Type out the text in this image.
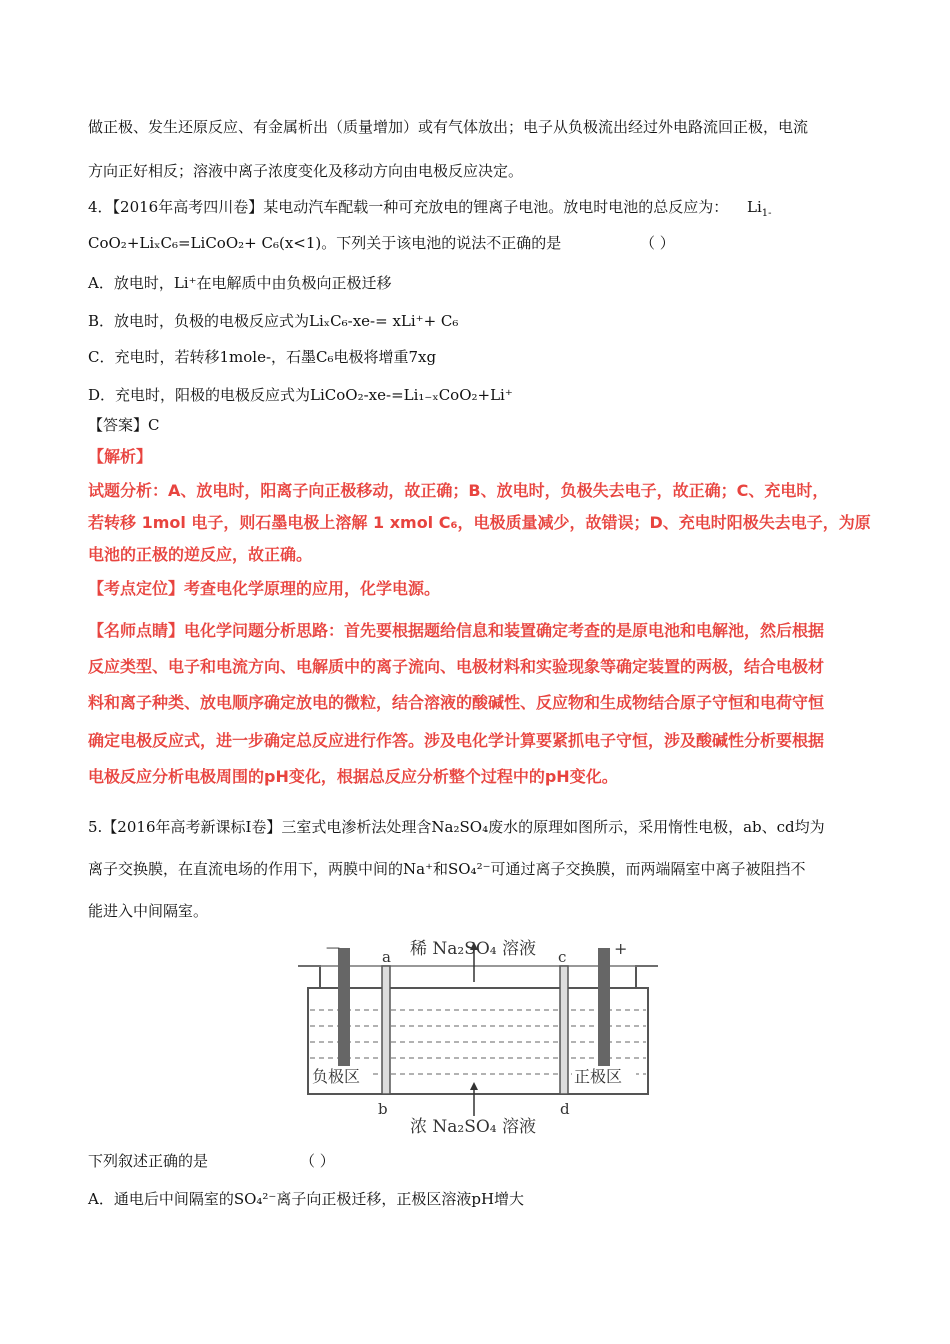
做正极、发生还原反应、有金属析出（质量增加）或有气体放出；电子从负极流出经过外电路流回正极，电流
方向正好相反；溶液中离子浓度变化及移动方向由电极反应决定。
4．【2016年高考四川卷】某电动汽车配载一种可充放电的锂离子电池。放电时电池的总反应为： $Li_{1-}$
CoO₂+LiₓC₆=LiCoO₂+ C₆(x<1)。下列关于该电池的说法不正确的是	（ ）
A．放电时，Li⁺在电解质中由负极向正极迁移
B．放电时，负极的电极反应式为LiₓC₆-xe-= xLi⁺+ C₆
C．充电时，若转移1mole-，石墨C₆电极将增重7xg
D．充电时，阳极的电极反应式为LiCoO₂-xe-=Li₁₋ₓCoO₂+Li⁺
【答案】C
【解析】
试题分析：A、放电时，阳离子向正极移动，故正确；B、放电时，负极失去电子，故正确；C、充电时，
若转移 1mol 电子，则石墨电极上溶解 1 xmol C₆，电极质量减少，故错误；D、充电时阳极失去电子，为原
电池的正极的逆反应，故正确。
【考点定位】考查电化学原理的应用，化学电源。
【名师点睛】电化学问题分析思路：首先要根据题给信息和装置确定考查的是原电池和电解池，然后根据
反应类型、电子和电流方向、电解质中的离子流向、电极材料和实验现象等确定装置的两极，结合电极材
料和离子种类、放电顺序确定放电的微粒，结合溶液的酸碱性、反应物和生成物结合原子守恒和电荷守恒
确定电极反应式，进一步确定总反应进行作答。涉及电化学计算要紧抓电子守恒，涉及酸碱性分析要根据
电极反应分析电极周围的pH变化，根据总反应分析整个过程中的pH变化。
5.【2016年高考新课标Ⅰ卷】三室式电渗析法处理含Na₂SO₄废水的原理如图所示，采用惰性电极，ab、cd均为
离子交换膜，在直流电场的作用下，两膜中间的Na⁺和SO₄²⁻可通过离子交换膜，而两端隔室中离子被阻挡不
能进入中间隔室。
稀 Na₂SO₄ 溶液
浓 Na₂SO₄ 溶液
—	+
a
b
c
d
负极区	正极区
下列叙述正确的是	（ ）
A．通电后中间隔室的SO₄²⁻离子向正极迁移，正极区溶液pH增大
